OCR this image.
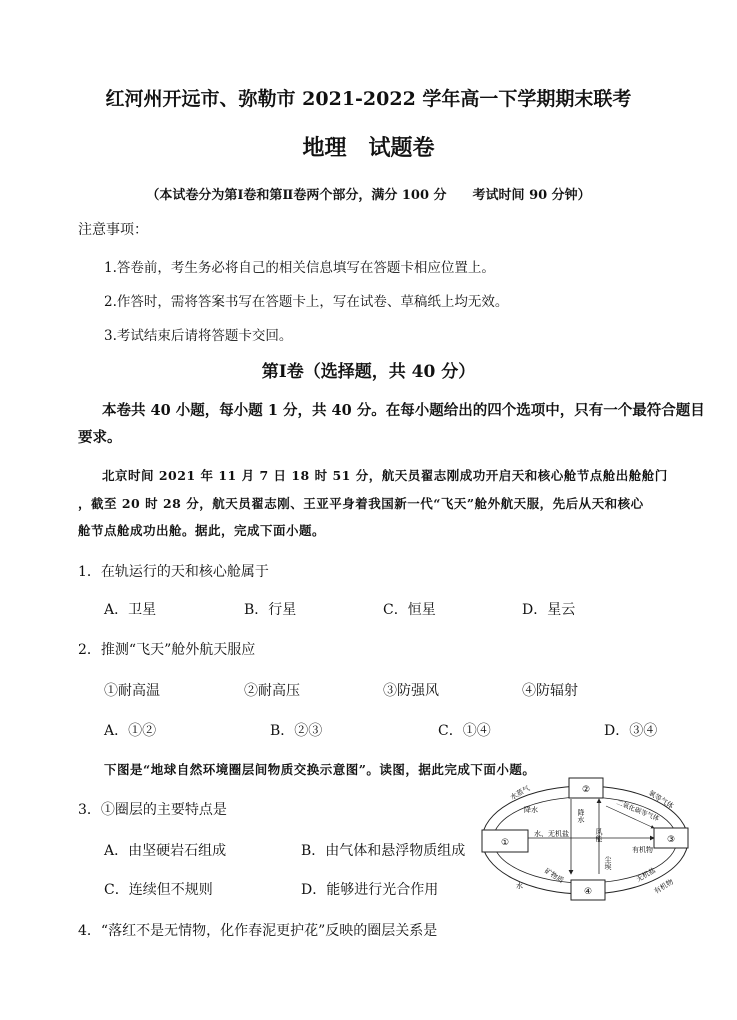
红河州开远市、弥勒市 2021-2022 学年高一下学期期末联考
地理　试题卷
（本试卷分为第Ⅰ卷和第Ⅱ卷两个部分，满分 100 分　　考试时间 90 分钟）
注意事项：
1.答卷前，考生务必将自己的相关信息填写在答题卡相应位置上。
2.作答时，需将答案书写在答题卡上，写在试卷、草稿纸上均无效。
3.考试结束后请将答题卡交回。
第Ⅰ卷（选择题，共 40 分）
本卷共 40 小题，每小题 1 分，共 40 分。在每小题给出的四个选项中，只有一个最符合题目
要求。
北京时间 2021 年 11 月 7 日 18 时 51 分，航天员翟志刚成功开启天和核心舱节点舱出舱舱门
，截至 20 时 28 分，航天员翟志刚、王亚平身着我国新一代“飞天”舱外航天服，先后从天和核心
舱节点舱成功出舱。据此，完成下面小题。
1．在轨运行的天和核心舱属于
A．卫星	B．行星	C．恒星	D．星云
2．推测“飞天”舱外航天服应
①耐高温	②耐高压	③防强风	④防辐射
A．①②	B．②③	C．①④	D．③④
下图是“地球自然环境圈层间物质交换示意图”。读图，据此完成下面小题。
3．①圈层的主要特点是
A．由坚硬岩石组成	B．由气体和悬浮物质组成
C．连续但不规则	D．能够进行光合作用
4．“落红不是无情物，化作春泥更护花”反映的圈层关系是
①
②
③
④
水蒸气
降水	氧等气体
二氧化碳等气体
降水
风能
水、无机盐
尘埃
有机物
矿物质
水
无机盐
有机物
